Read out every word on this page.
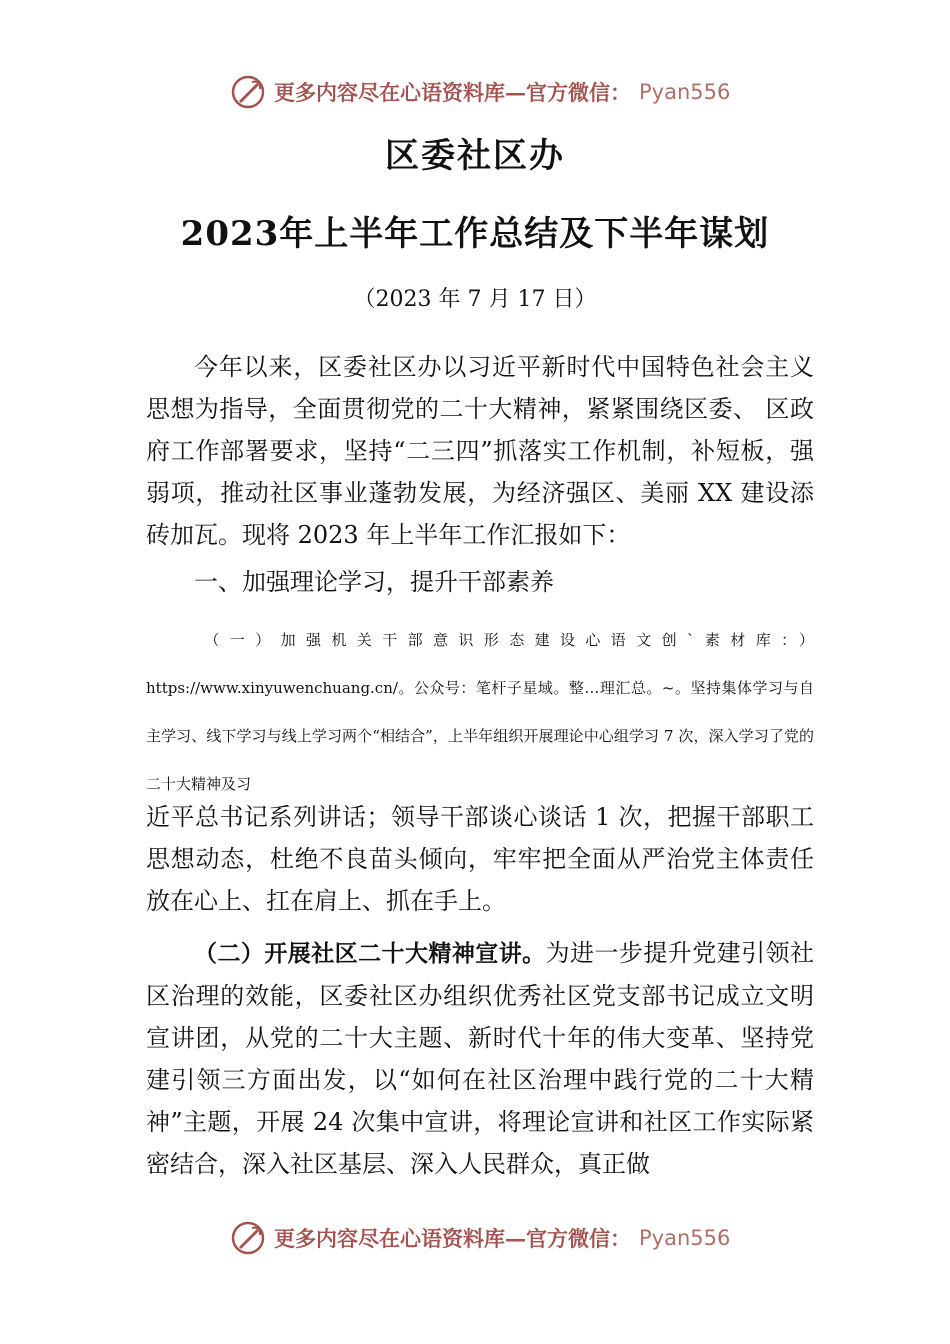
更多内容尽在心语资料库—官方微信： Pyan556
区委社区办
2023年上半年工作总结及下半年谋划
（2023 年 7 月 17 日）
今年以来，区委社区办以习近平新时代中国特色社会主义思想为指导，全面贯彻党的二十大精神，紧紧围绕区委、 区政府工作部署要求，坚持“二三四”抓落实工作机制，补短板，强弱项，推动社区事业蓬勃发展，为经济强区、美丽 XX 建设添砖加瓦。现将 2023 年上半年工作汇报如下：
一、加强理论学习，提升干部素养
（一）加强机关干部意识形态建设心语文创`素材库：）https://www.xinyuwenchuang.cn/。公众号：笔杆子星域。整…理汇总。~。坚持集体学习与自主学习、线下学习与线上学习两个“相结合”，上半年组织开展理论中心组学习 7 次，深入学习了党的二十大精神及习
近平总书记系列讲话；领导干部谈心谈话 1 次，把握干部职工思想动态，杜绝不良苗头倾向，牢牢把全面从严治党主体责任放在心上、扛在肩上、抓在手上。
（二）开展社区二十大精神宣讲。为进一步提升党建引领社区治理的效能，区委社区办组织优秀社区党支部书记成立文明宣讲团，从党的二十大主题、新时代十年的伟大变革、坚持党建引领三方面出发，以“如何在社区治理中践行党的二十大精神”主题，开展 24 次集中宣讲，将理论宣讲和社区工作实际紧密结合，深入社区基层、深入人民群众，真正做
更多内容尽在心语资料库—官方微信： Pyan556
